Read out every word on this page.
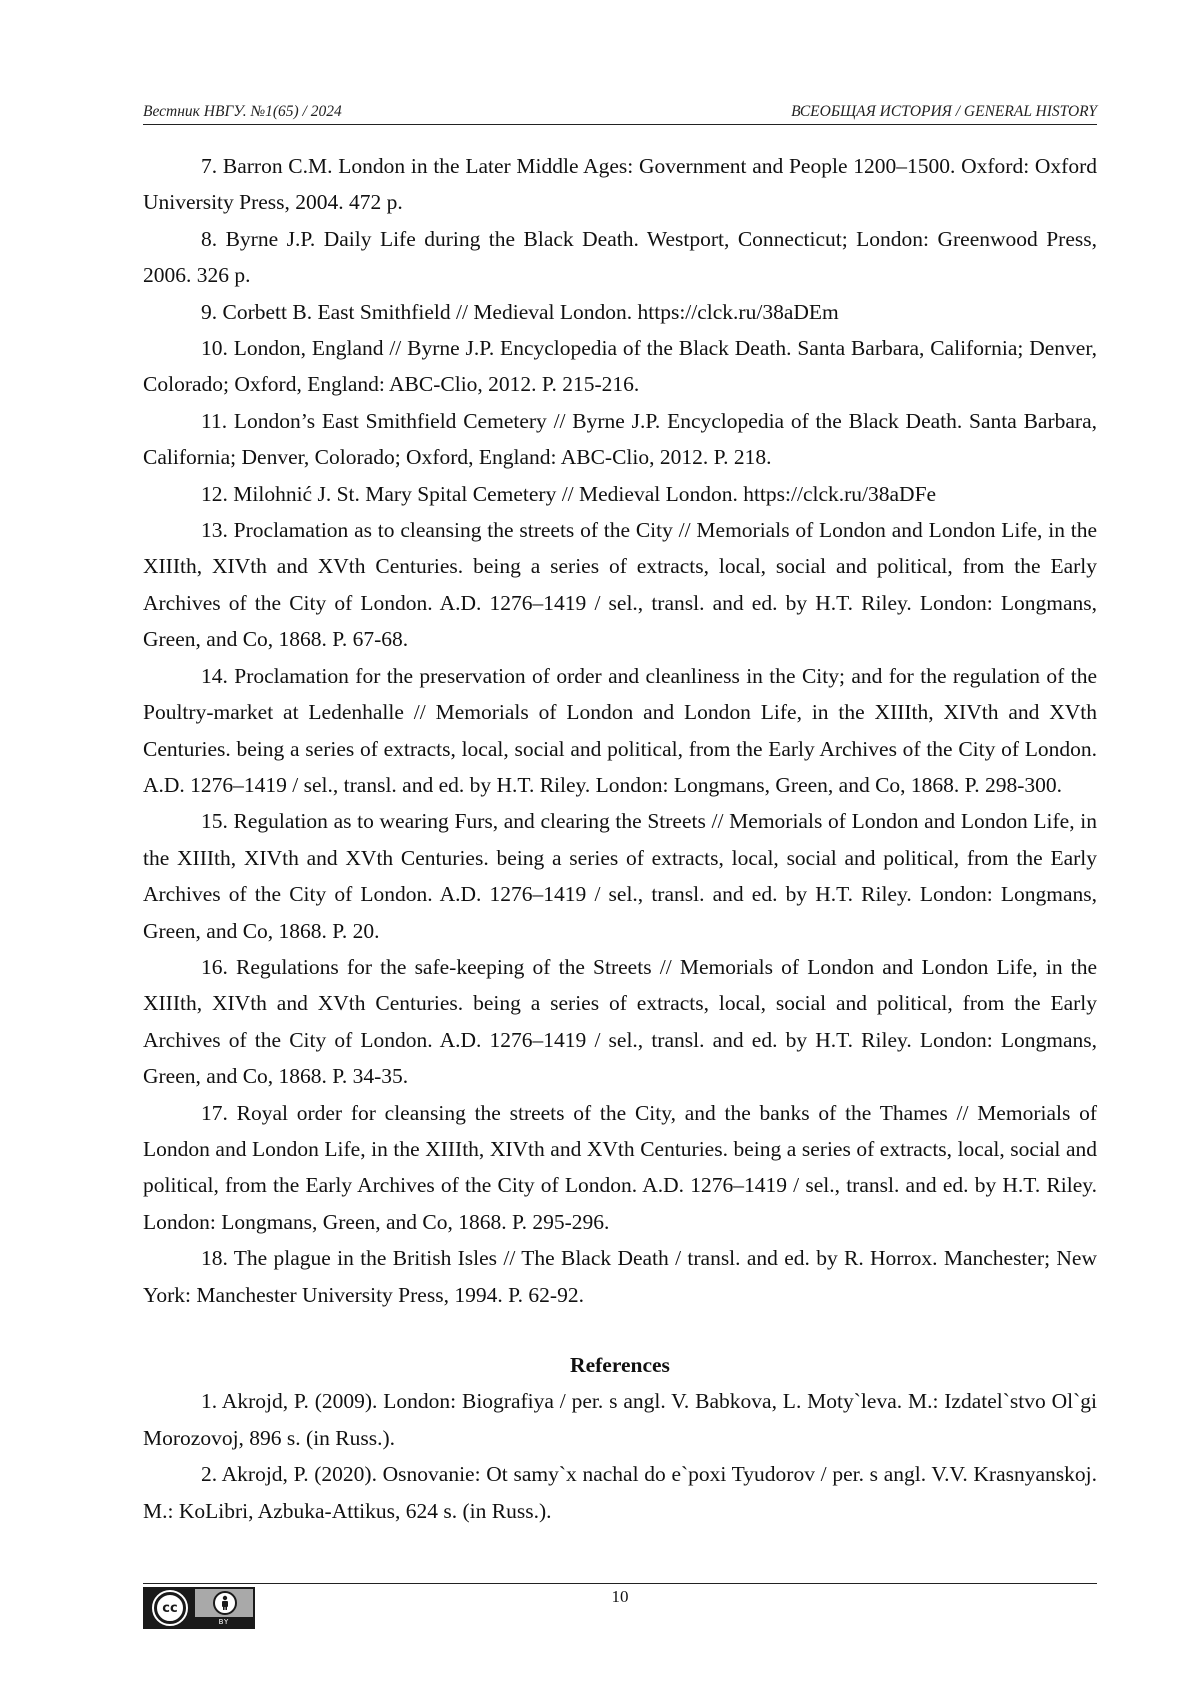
Вестник НВГУ. №1(65) / 2024	ВСЕОБЩАЯ ИСТОРИЯ / GENERAL HISTORY

7. Barron C.M. London in the Later Middle Ages: Government and People 1200–1500. Oxford: Oxford University Press, 2004. 472 p.

8. Byrne J.P. Daily Life during the Black Death. Westport, Connecticut; London: Greenwood Press, 2006. 326 p.

9. Corbett B. East Smithfield // Medieval London. https://clck.ru/38aDEm

10. London, England // Byrne J.P. Encyclopedia of the Black Death. Santa Barbara, California; Denver, Colorado; Oxford, England: ABC-Clio, 2012. P. 215-216.

11. London’s East Smithfield Cemetery // Byrne J.P. Encyclopedia of the Black Death. Santa Barbara, California; Denver, Colorado; Oxford, England: ABC-Clio, 2012. P. 218.

12. Milohnić J. St. Mary Spital Cemetery // Medieval London. https://clck.ru/38aDFe

13. Proclamation as to cleansing the streets of the City // Memorials of London and London Life, in the XIIIth, XIVth and XVth Centuries. being a series of extracts, local, social and political, from the Early Archives of the City of London. A.D. 1276–1419 / sel., transl. and ed. by H.T. Riley. London: Longmans, Green, and Co, 1868. P. 67-68.

14. Proclamation for the preservation of order and cleanliness in the City; and for the regulation of the Poultry-market at Ledenhalle // Memorials of London and London Life, in the XIIIth, XIVth and XVth Centuries. being a series of extracts, local, social and political, from the Early Archives of the City of London. A.D. 1276–1419 / sel., transl. and ed. by H.T. Riley. London: Longmans, Green, and Co, 1868. P. 298-300.

15. Regulation as to wearing Furs, and clearing the Streets // Memorials of London and London Life, in the XIIIth, XIVth and XVth Centuries. being a series of extracts, local, social and political, from the Early Archives of the City of London. A.D. 1276–1419 / sel., transl. and ed. by H.T. Riley. London: Longmans, Green, and Co, 1868. P. 20.

16. Regulations for the safe-keeping of the Streets // Memorials of London and London Life, in the XIIIth, XIVth and XVth Centuries. being a series of extracts, local, social and political, from the Early Archives of the City of London. A.D. 1276–1419 / sel., transl. and ed. by H.T. Riley. London: Longmans, Green, and Co, 1868. P. 34-35.

17. Royal order for cleansing the streets of the City, and the banks of the Thames // Memorials of London and London Life, in the XIIIth, XIVth and XVth Centuries. being a series of extracts, local, social and political, from the Early Archives of the City of London. A.D. 1276–1419 / sel., transl. and ed. by H.T. Riley. London: Longmans, Green, and Co, 1868. P. 295-296.

18. The plague in the British Isles // The Black Death / transl. and ed. by R. Horrox. Manchester; New York: Manchester University Press, 1994. P. 62-92.

References

1. Akrojd, P. (2009). London: Biografiya / per. s angl. V. Babkova, L. Moty`leva. M.: Izdatel`stvo Ol`gi Morozovoj, 896 s. (in Russ.).

2. Akrojd, P. (2020). Osnovanie: Ot samy`x nachal do e`poxi Tyudorov / per. s angl. V.V. Krasnyanskoj. M.: KoLibri, Azbuka-Attikus, 624 s. (in Russ.).

cc
BY
10
